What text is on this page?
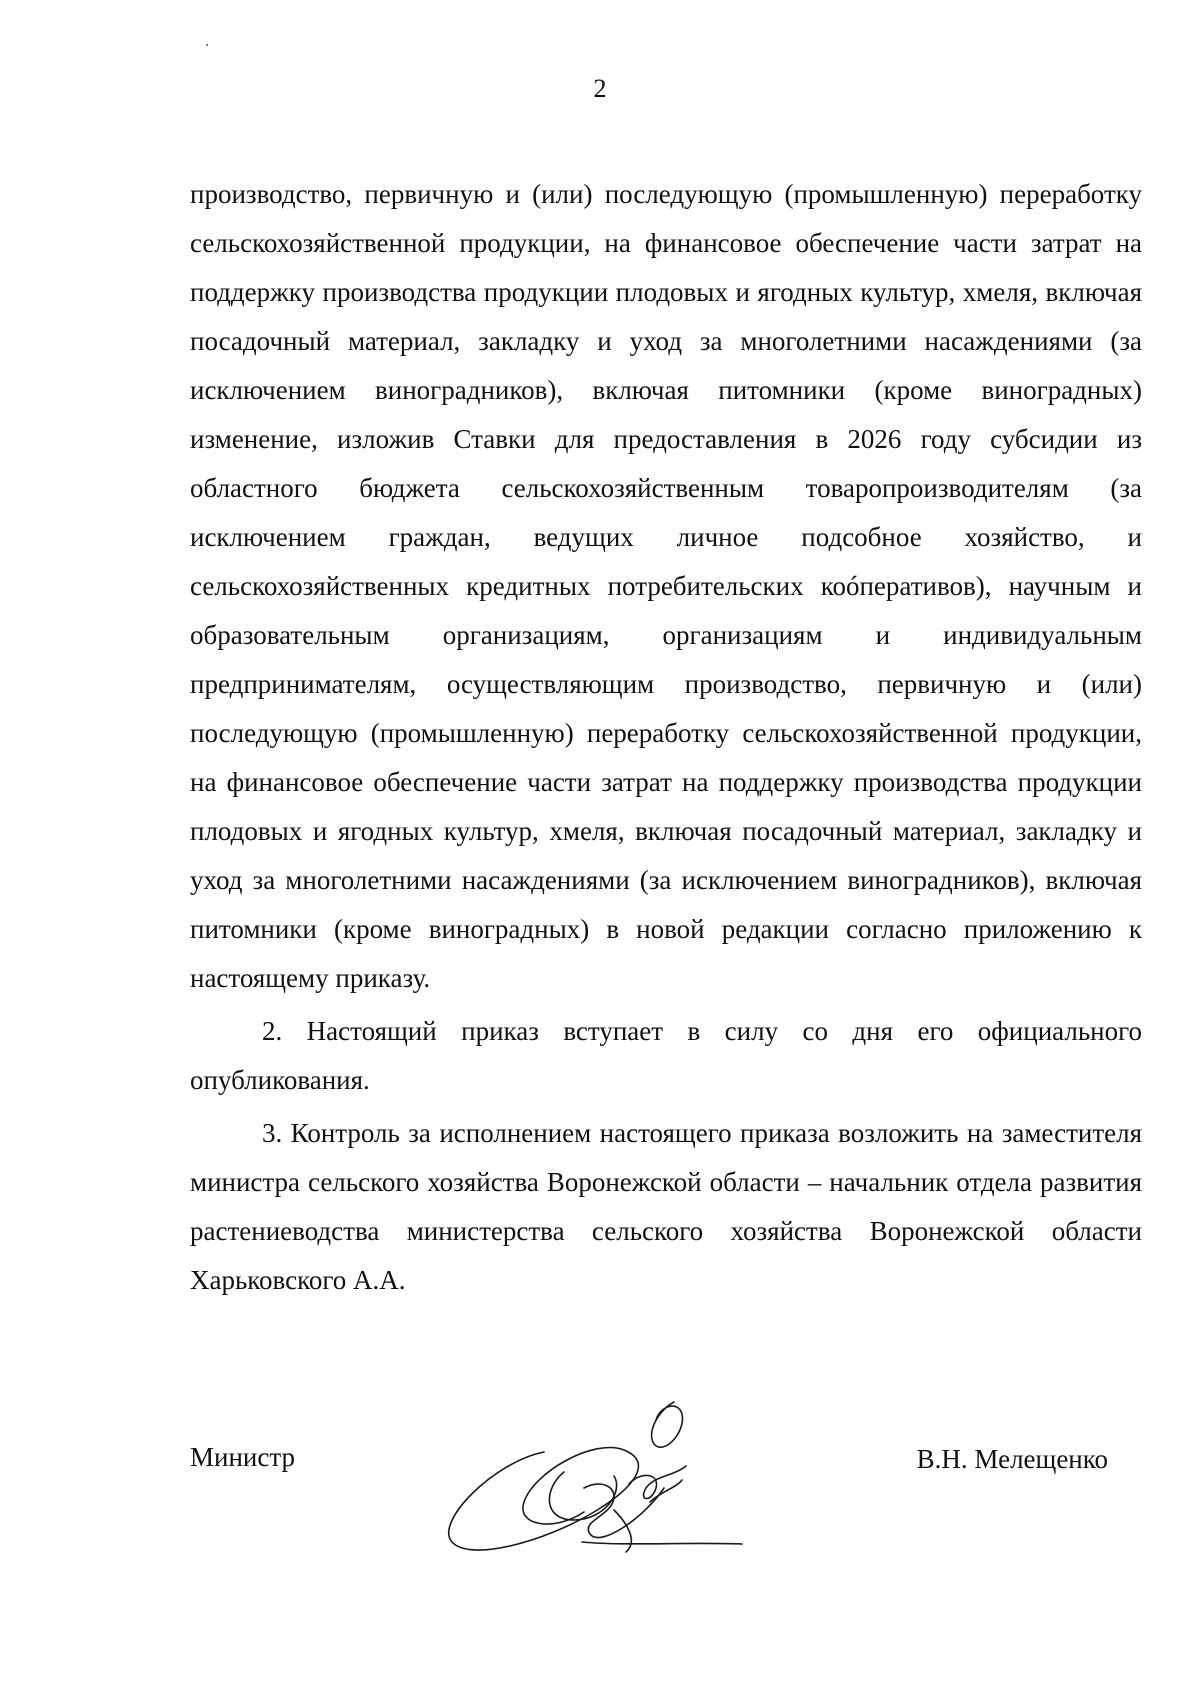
2

производство, первичную и (или) последующую (промышленную) переработку сельскохозяйственной продукции, на финансовое обеспечение части затрат на поддержку производства продукции плодовых и ягодных культур, хмеля, включая посадочный материал, закладку и уход за многолетними насаждениями (за исключением виноградников), включая питомники (кроме виноградных) изменение, изложив Ставки для предоставления в 2026 году субсидии из областного бюджета сельскохозяйственным товаропроизводителям (за исключением граждан, ведущих личное подсобное хозяйство, и сельскохозяйственных кредитных потребительских коóперативов), научным и образовательным организациям, организациям и индивидуальным предпринимателям, осуществляющим производство, первичную и (или) последующую (промышленную) переработку сельскохозяйственной продукции, на финансовое обеспечение части затрат на поддержку производства продукции плодовых и ягодных культур, хмеля, включая посадочный материал, закладку и уход за многолетними насаждениями (за исключением виноградников), включая питомники (кроме виноградных) в новой редакции согласно приложению к настоящему приказу.

2. Настоящий приказ вступает в силу со дня его официального опубликования.

3. Контроль за исполнением настоящего приказа возложить на заместителя министра сельского хозяйства Воронежской области – начальник отдела развития растениеводства министерства сельского хозяйства Воронежской области Харьковского А.А.

Министр	В.Н. Мелещенко
